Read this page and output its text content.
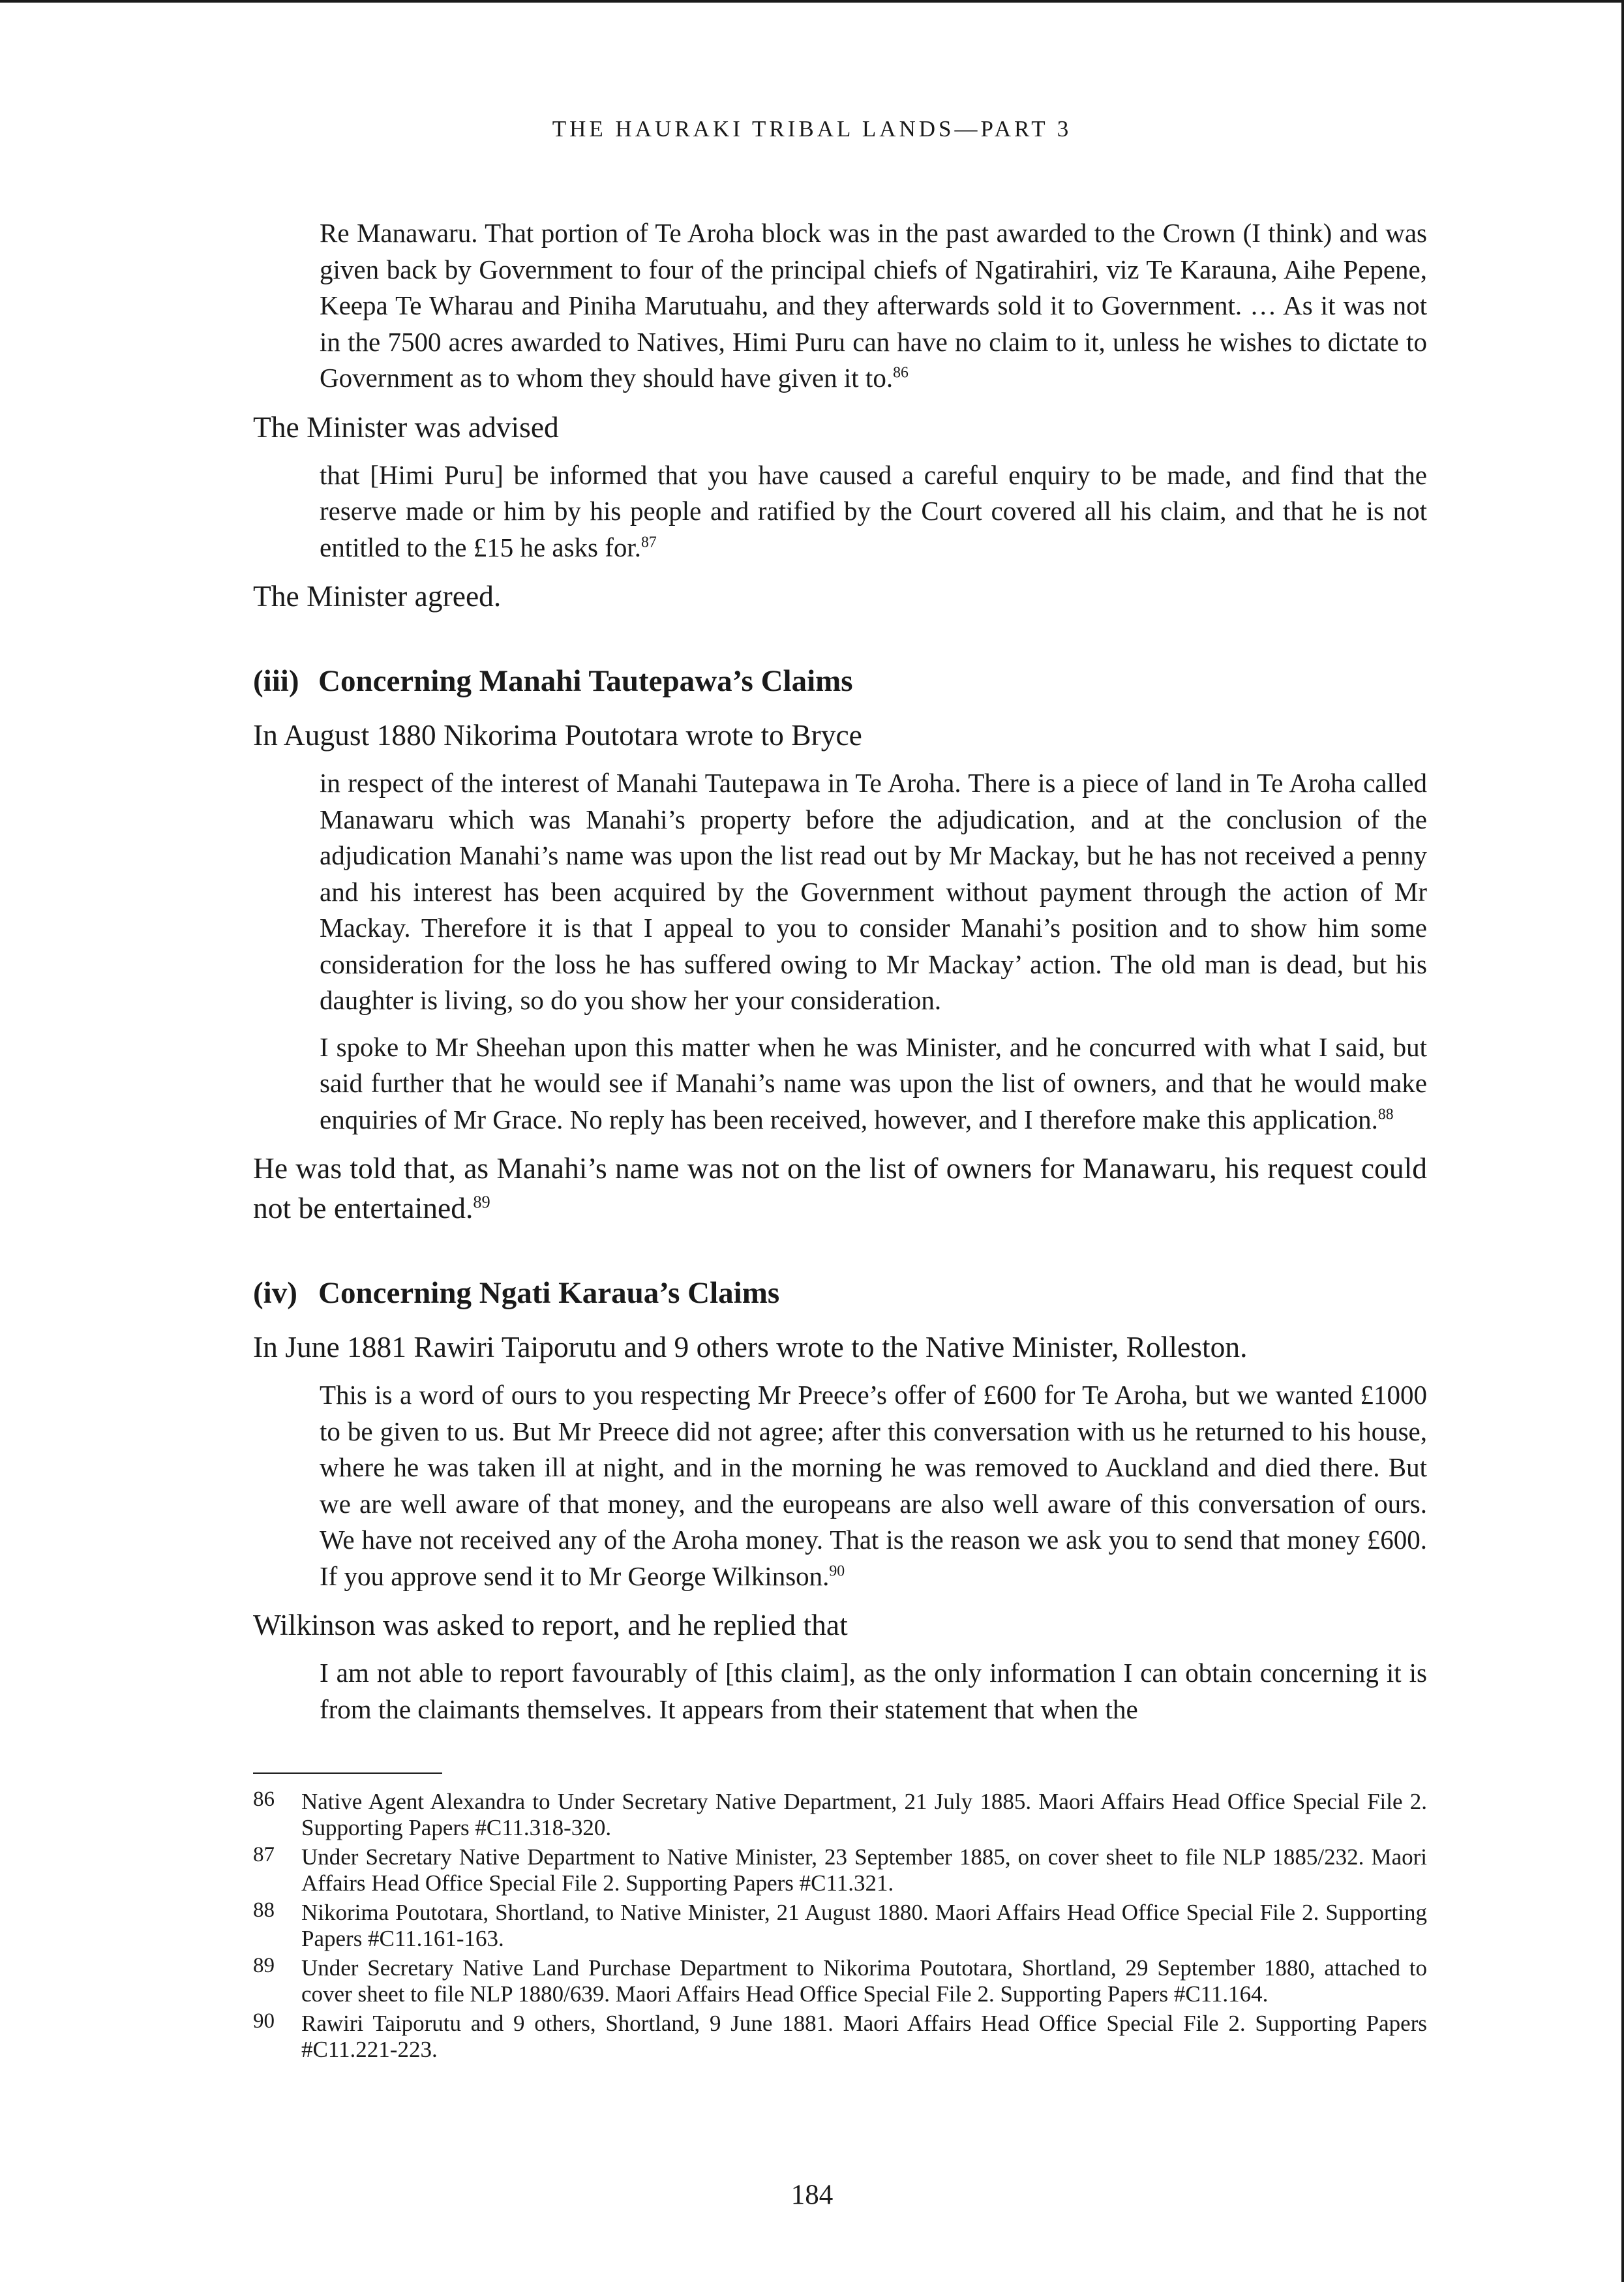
THE HAURAKI TRIBAL LANDS—PART 3

Re Manawaru. That portion of Te Aroha block was in the past awarded to the Crown (I think) and was given back by Government to four of the principal chiefs of Ngatirahiri, viz Te Karauna, Aihe Pepene, Keepa Te Wharau and Piniha Marutuahu, and they afterwards sold it to Government. … As it was not in the 7500 acres awarded to Natives, Himi Puru can have no claim to it, unless he wishes to dictate to Government as to whom they should have given it to.$^{86}$

The Minister was advised

that [Himi Puru] be informed that you have caused a careful enquiry to be made, and find that the reserve made or him by his people and ratified by the Court covered all his claim, and that he is not entitled to the £15 he asks for.$^{87}$

The Minister agreed.

(iii) Concerning Manahi Tautepawa’s Claims

In August 1880 Nikorima Poutotara wrote to Bryce

in respect of the interest of Manahi Tautepawa in Te Aroha. There is a piece of land in Te Aroha called Manawaru which was Manahi’s property before the adjudication, and at the conclusion of the adjudication Manahi’s name was upon the list read out by Mr Mackay, but he has not received a penny and his interest has been acquired by the Government without payment through the action of Mr Mackay. Therefore it is that I appeal to you to consider Manahi’s position and to show him some consideration for the loss he has suffered owing to Mr Mackay’ action. The old man is dead, but his daughter is living, so do you show her your consideration.

I spoke to Mr Sheehan upon this matter when he was Minister, and he concurred with what I said, but said further that he would see if Manahi’s name was upon the list of owners, and that he would make enquiries of Mr Grace. No reply has been received, however, and I therefore make this application.$^{88}$

He was told that, as Manahi’s name was not on the list of owners for Manawaru, his request could not be entertained.$^{89}$

(iv) Concerning Ngati Karaua’s Claims

In June 1881 Rawiri Taiporutu and 9 others wrote to the Native Minister, Rolleston.

This is a word of ours to you respecting Mr Preece’s offer of £600 for Te Aroha, but we wanted £1000 to be given to us. But Mr Preece did not agree; after this conversation with us he returned to his house, where he was taken ill at night, and in the morning he was removed to Auckland and died there. But we are well aware of that money, and the europeans are also well aware of this conversation of ours. We have not received any of the Aroha money. That is the reason we ask you to send that money £600. If you approve send it to Mr George Wilkinson.$^{90}$

Wilkinson was asked to report, and he replied that

I am not able to report favourably of [this claim], as the only information I can obtain concerning it is from the claimants themselves. It appears from their statement that when the

86 Native Agent Alexandra to Under Secretary Native Department, 21 July 1885. Maori Affairs Head Office Special File 2. Supporting Papers #C11.318-320.
87 Under Secretary Native Department to Native Minister, 23 September 1885, on cover sheet to file NLP 1885/232. Maori Affairs Head Office Special File 2. Supporting Papers #C11.321.
88 Nikorima Poutotara, Shortland, to Native Minister, 21 August 1880. Maori Affairs Head Office Special File 2. Supporting Papers #C11.161-163.
89 Under Secretary Native Land Purchase Department to Nikorima Poutotara, Shortland, 29 September 1880, attached to cover sheet to file NLP 1880/639. Maori Affairs Head Office Special File 2. Supporting Papers #C11.164.
90 Rawiri Taiporutu and 9 others, Shortland, 9 June 1881. Maori Affairs Head Office Special File 2. Supporting Papers #C11.221-223.
184
